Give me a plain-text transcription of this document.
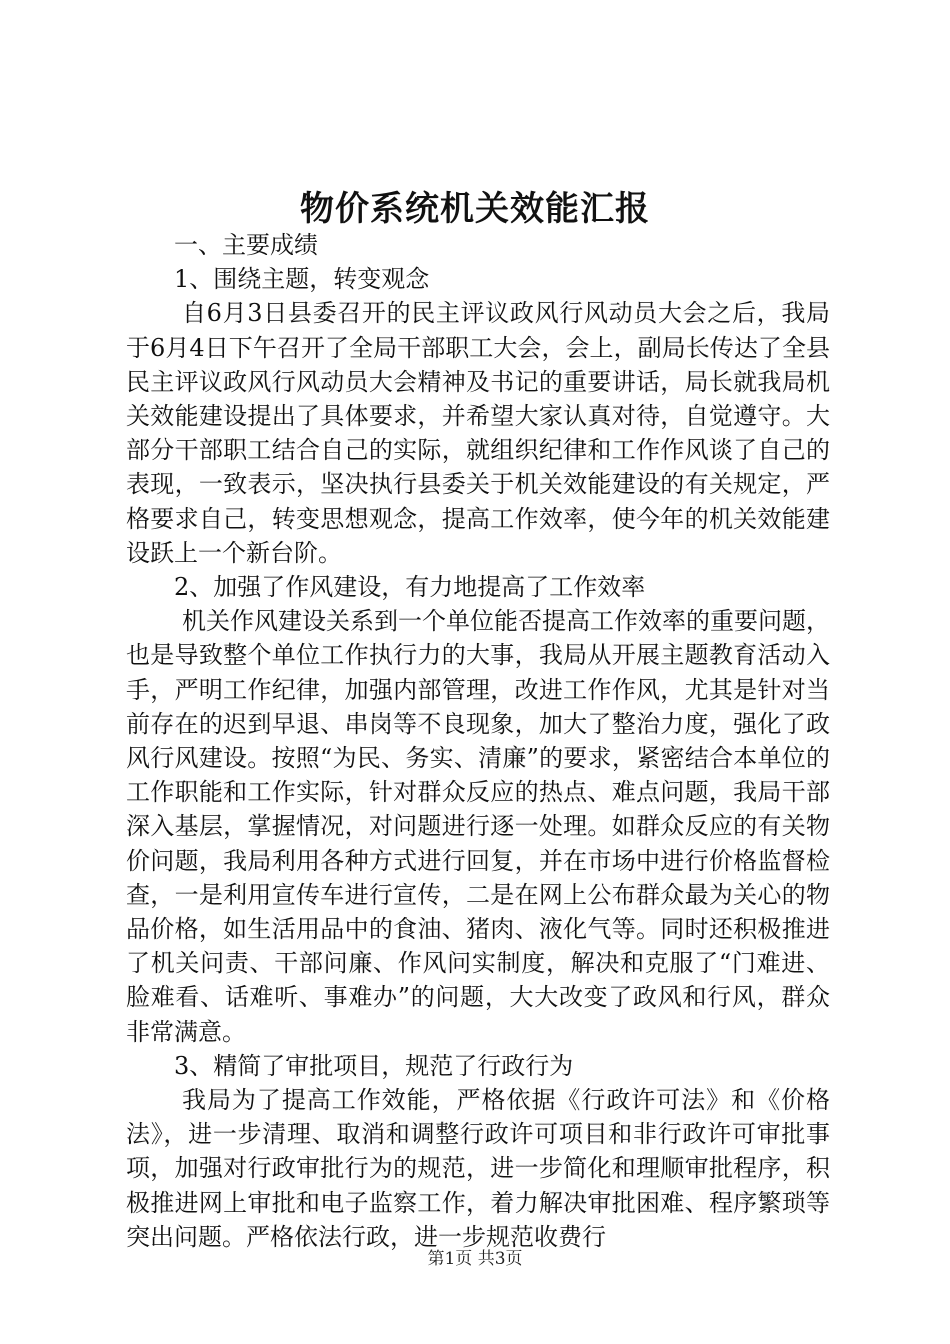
物价系统机关效能汇报

一、主要成绩

1、围绕主题，转变观念

自6月3日县委召开的民主评议政风行风动员大会之后，我局于6月4日下午召开了全局干部职工大会，会上，副局长传达了全县民主评议政风行风动员大会精神及书记的重要讲话，局长就我局机关效能建设提出了具体要求，并希望大家认真对待，自觉遵守。大部分干部职工结合自己的实际，就组织纪律和工作作风谈了自己的表现，一致表示，坚决执行县委关于机关效能建设的有关规定，严格要求自己，转变思想观念，提高工作效率，使今年的机关效能建设跃上一个新台阶。

2、加强了作风建设，有力地提高了工作效率

机关作风建设关系到一个单位能否提高工作效率的重要问题，也是导致整个单位工作执行力的大事，我局从开展主题教育活动入手，严明工作纪律，加强内部管理，改进工作作风，尤其是针对当前存在的迟到早退、串岗等不良现象，加大了整治力度，强化了政风行风建设。按照“为民、务实、清廉”的要求，紧密结合本单位的工作职能和工作实际，针对群众反应的热点、难点问题，我局干部深入基层，掌握情况，对问题进行逐一处理。如群众反应的有关物价问题，我局利用各种方式进行回复，并在市场中进行价格监督检查，一是利用宣传车进行宣传，二是在网上公布群众最为关心的物品价格，如生活用品中的食油、猪肉、液化气等。同时还积极推进了机关问责、干部问廉、作风问实制度，解决和克服了“门难进、脸难看、话难听、事难办”的问题，大大改变了政风和行风，群众非常满意。

3、精简了审批项目，规范了行政行为

我局为了提高工作效能，严格依据《行政许可法》和《价格法》，进一步清理、取消和调整行政许可项目和非行政许可审批事项，加强对行政审批行为的规范，进一步简化和理顺审批程序，积极推进网上审批和电子监察工作，着力解决审批困难、程序繁琐等突出问题。严格依法行政，进一步规范收费行

第1页 共3页
